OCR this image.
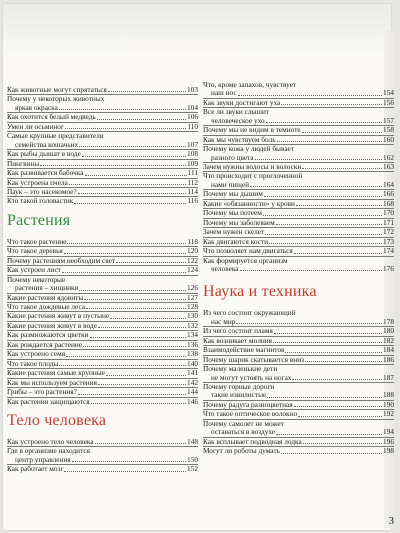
Как животные могут спрятаться	103
Почему у некоторых животных
яркая окраска	104
Как охотится белый медведь	106
Умен ли осьминог	110
Самые крупные представители
семейства кошачьих	107
Как рыбы дышат в воде	108
Пингвины	109
Как развивается бабочка	111
Как устроена пчела	112
Паук – это насекомое?	114
Кто такой головастик	116
Растения
Что такое растение	118
Что такое деревья	120
Почему растениям необходим свет	122
Как устроен лист	124
Почему некоторые
растения – хищники	126
Какие растения ядовиты	127
Что такое дождевые леса	128
Какие растения живут в пустыне	130
Какие растения живут в воде	132
Как размножаются цветки	134
Как рождается растение	136
Как устроено семя	138
Что такое плоды	140
Какие растения самые крупные	141
Как мы используем растения	142
Грибы – это растения?	144
Как растения защищаются	146
Тело человека
Как устроено тело человека	148
Где в организме находится
центр управления	150
Как работает мозг	152
Что, кроме запахов, чувствует
наш нос	154
Как звуки достигают уха	156
Все ли звуки слышит
человеческое ухо	157
Почему мы не видим в темноте	158
Как мы чувствуем боль	160
Почему кожа у людей бывает
разного цвета	162
Зачем нужны волосы и волоски	163
Что происходит с проглоченной
нами пищей	164
Почему мы дышим	166
Какие «обязанности» у крови	168
Почему мы потеем	170
Почему мы заболеваем	171
Зачем нужен скелет	172
Как двигаются кости	173
Что позволяет нам двигаться	174
Как формируется организм
человека	176
Наука и техника
Из чего состоит окружающий
нас мир	178
Из чего состоит пламя	180
Как возникает молния	182
Взаимодействие магнитов	184
Почему шарик скатывается вниз	186
Почему маленькие дети
не могут устоять на ногах	187
Почему горные дороги
такие извилистые	188
Почему радуга разноцветная	190
Что такое оптическое волокно	192
Почему самолет не может
оставаться в воздухе	194
Как всплывает подводная лодка	196
Могут ли роботы думать	198
3
